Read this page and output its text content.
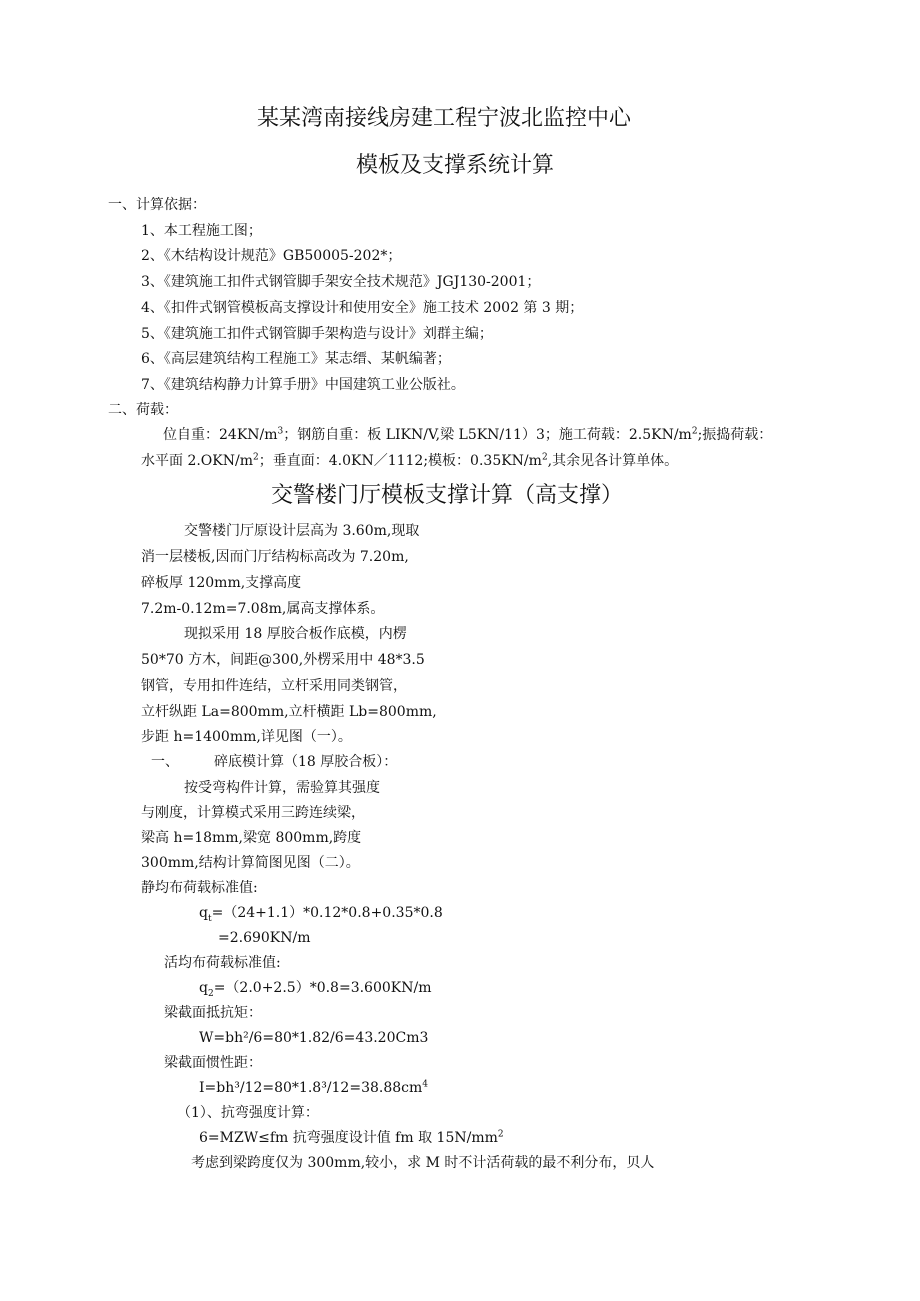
某某湾南接线房建工程宁波北监控中心
模板及支撑系统计算
一、计算依据：
1、本工程施工图；
2、《木结构设计规范》GB50005-202*；
3、《建筑施工扣件式钢管脚手架安全技术规范》JGJ130-2001；
4、《扣件式钢管模板高支撑设计和使用安全》施工技术 2002 第 3 期；
5、《建筑施工扣件式钢管脚手架构造与设计》刘群主编；
6、《高层建筑结构工程施工》某志缙、某帆编著；
7、《建筑结构静力计算手册》中国建筑工业公版社。
二、荷载：
位自重：$24KN/m^3$；钢筋自重：板 LIKN/V,梁 L5KN/11）3；施工荷载：$2.5KN/m^2$;振捣荷载：
水平面 $2.OKN/m^2$；垂直面：4.0KN／1112;模板：$0.35KN/m^2$,其余见各计算单体。
交警楼门厅模板支撑计算（高支撑）
交警楼门厅原设计层高为 3.60m,现取
消一层楼板,因而门厅结构标高改为 7.20m,
碎板厚 120mm,支撑高度
7.2m-0.12m=7.08m,属高支撑体系。
现拟采用 18 厚胶合板作底模，内楞
50*70 方木，间距@300,外楞采用中 48*3.5
钢管，专用扣件连结，立杆采用同类钢管，
立杆纵距 La=800mm,立杆横距 Lb=800mm,
步距 h=1400mm,详见图（一）。
一、	碎底模计算（18 厚胶合板）：
按受弯构件计算，需验算其强度
与刚度，计算模式采用三跨连续梁，
梁高 h=18mm,梁宽 800mm,跨度
300mm,结构计算简图见图（二）。
静均布荷载标准值:
$q_t=(24+1.1)*0.12*0.8+0.35*0.8$
=2.690KN/m
活均布荷载标准值:
$q_2=(2.0+2.5)*0.8=3.600KN/m$
梁截面抵抗矩：
W=bh²/6=80*1.82/6=43.20Cm3
梁截面惯性距：
$I=bh^3/12=80*1.8^3/12=38.88cm^4$
（1）、抗弯强度计算：
6=MZW≤fm 抗弯强度设计值 fm 取 $15N/mm^2$
考虑到梁跨度仅为 300mm,较小，求 M 时不计活荷载的最不利分布，贝人
